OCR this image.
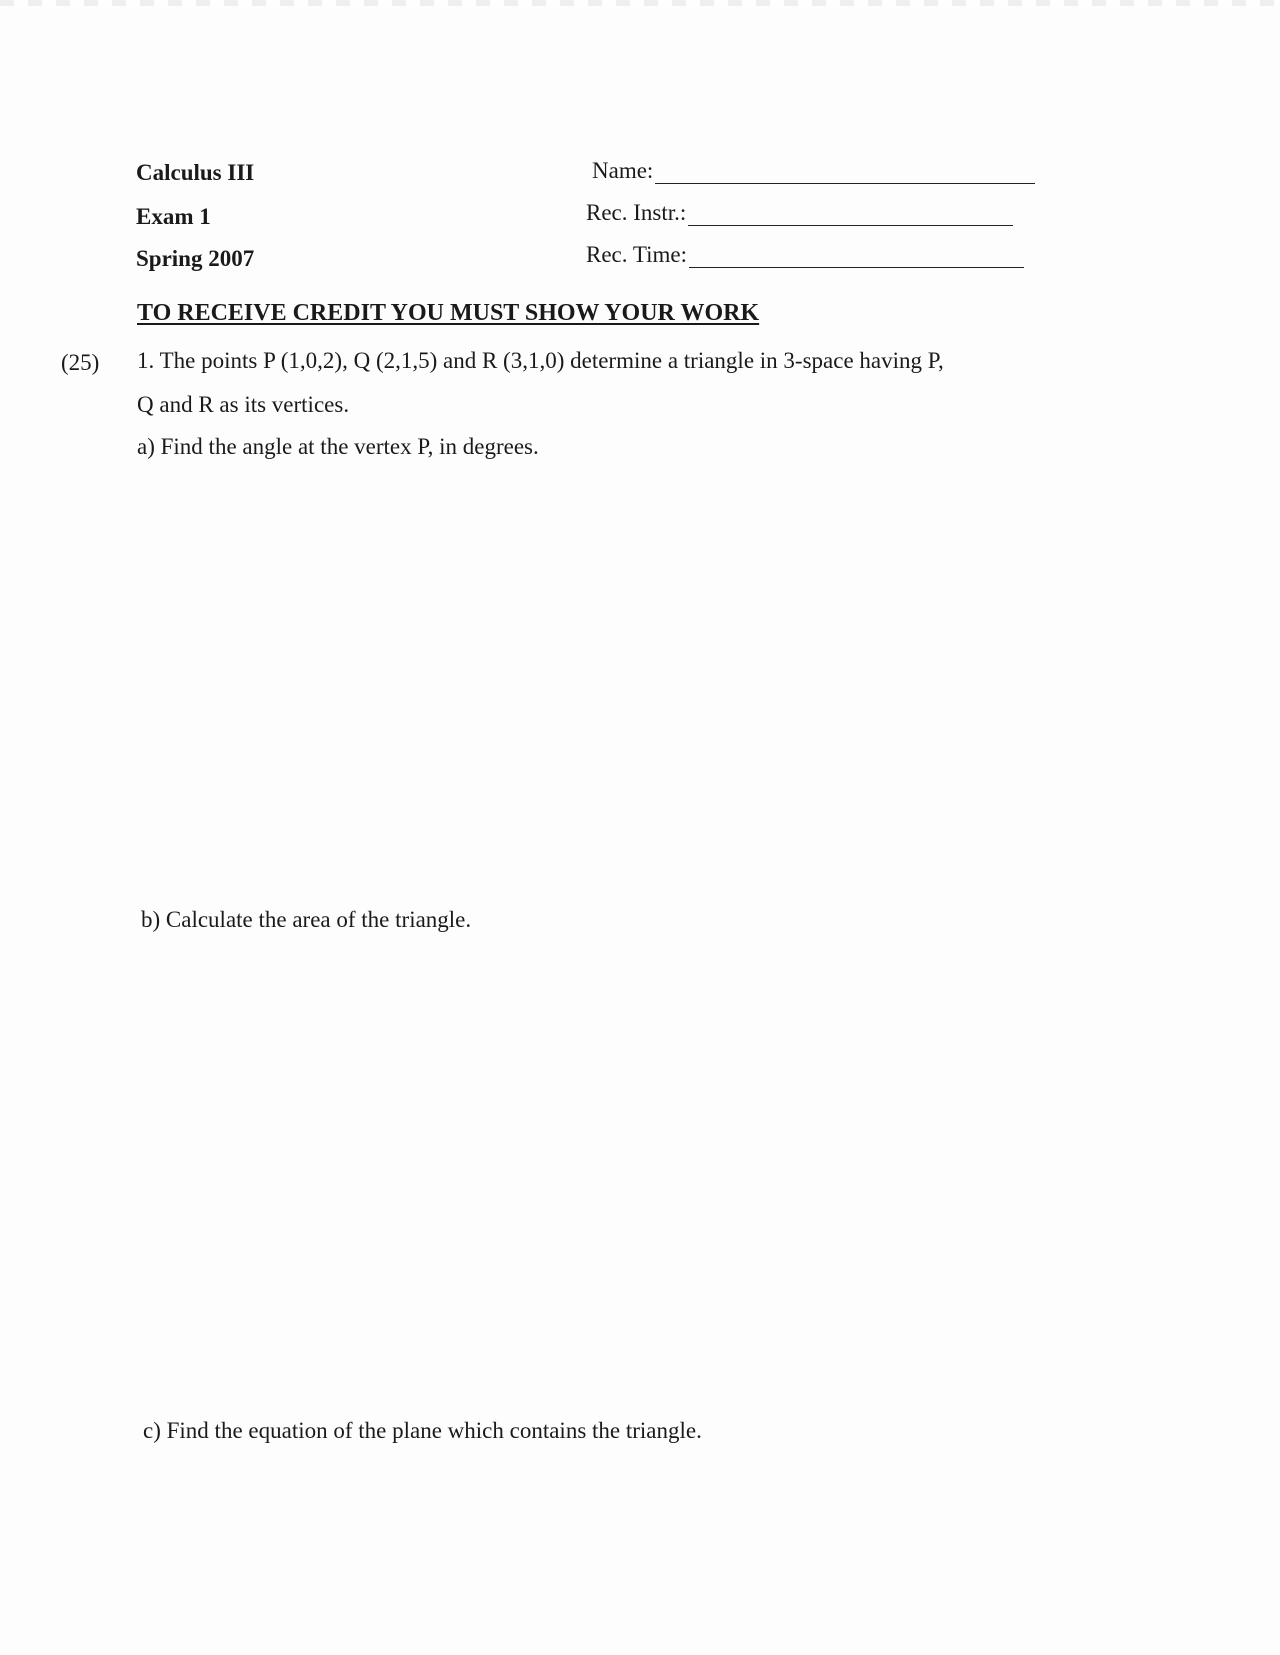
Calculus III
Exam 1
Spring 2007
Name:
Rec. Instr.:
Rec. Time:
TO RECEIVE CREDIT YOU MUST SHOW YOUR WORK
(25) 1. The points P (1,0,2), Q (2,1,5) and R (3,1,0) determine a triangle in 3-space having P,
Q and R as its vertices.
a) Find the angle at the vertex P, in degrees.
b) Calculate the area of the triangle.
c) Find the equation of the plane which contains the triangle.
